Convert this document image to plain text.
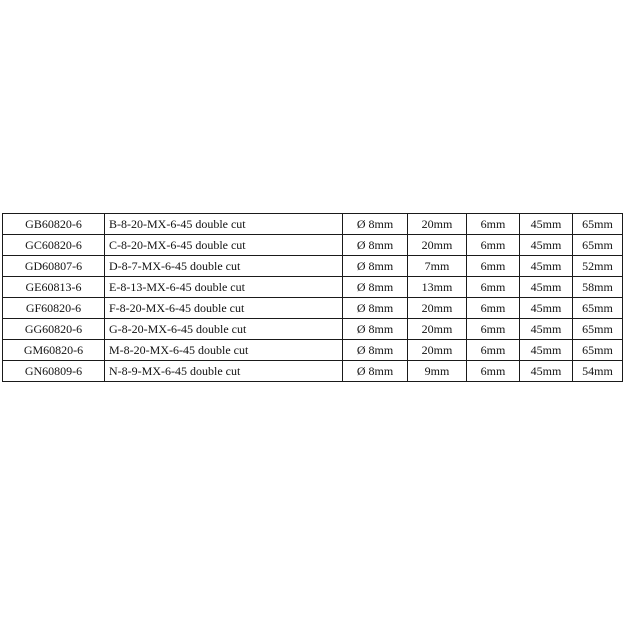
GB60820-6	B-8-20-MX-6-45 double cut	Ø 8mm	20mm	6mm	45mm	65mm
GC60820-6	C-8-20-MX-6-45 double cut	Ø 8mm	20mm	6mm	45mm	65mm
GD60807-6	D-8-7-MX-6-45 double cut	Ø 8mm	7mm	6mm	45mm	52mm
GE60813-6	E-8-13-MX-6-45 double cut	Ø 8mm	13mm	6mm	45mm	58mm
GF60820-6	F-8-20-MX-6-45 double cut	Ø 8mm	20mm	6mm	45mm	65mm
GG60820-6	G-8-20-MX-6-45 double cut	Ø 8mm	20mm	6mm	45mm	65mm
GM60820-6	M-8-20-MX-6-45 double cut	Ø 8mm	20mm	6mm	45mm	65mm
GN60809-6	N-8-9-MX-6-45 double cut	Ø 8mm	9mm	6mm	45mm	54mm
